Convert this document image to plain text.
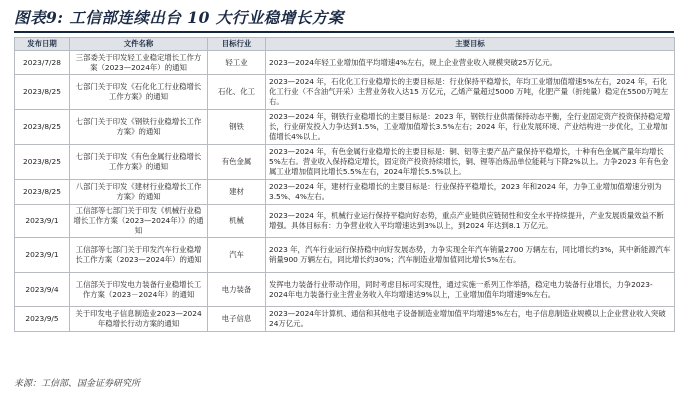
图表9: 工信部连续出台 10 大行业稳增长方案
发布日期	文件名称	目标行业	主要目标
2023/7/28	三部委关于印发轻工业稳定增长工作方案（2023—2024年）的通知	轻工业	2023—2024年轻工业增加值平均增速4%左右，规上企业营业收入规模突破25万亿元。
2023/8/25	七部门关于印发《石化化工行业稳增长工作方案》的通知	石化、化工	2023—2024 年，石化化工行业稳增长的主要目标是：行业保持平稳增长，年均工业增加值增速5%左右，2024 年，石化化工行业（不含油气开采）主营业务收入达15 万亿元，乙烯产量超过5000 万吨，化肥产量（折纯量）稳定在5500万吨左右。
2023/8/25	七部门关于印发《钢铁行业稳增长工作方案》的通知	钢铁	2023—2024 年，钢铁行业稳增长的主要目标是：2023 年，钢铁行业供需保持动态平衡，全行业固定资产投资保持稳定增长，行业研发投入力争达到1.5%，工业增加值增长3.5%左右；2024 年，行业发展环境、产业结构进一步优化，工业增加值增长4%以上。
2023/8/25	七部门关于印发《有色金属行业稳增长工作方案》的通知	有色金属	2023—2024 年，有色金属行业稳增长的主要目标是：铜、铝等主要产品产量保持平稳增长，十种有色金属产量年均增长5%左右。营业收入保持稳定增长，固定资产投资持续增长，铜、锂等冶炼品单位能耗与下降2%以上。力争2023 年有色金属工业增加值同比增长5.5%左右，2024年增长5.5%以上。
2023/8/25	八部门关于印发《建材行业稳增长工作方案》的通知	建材	2023—2024 年，建材行业稳增长的主要目标是：行业保持平稳增长，2023 年和2024 年，力争工业增加值增速分别为3.5%、4%左右。
2023/9/1	工信部等七部门关于印发《机械行业稳增长工作方案（2023—2024年）》的通知	机械	2023—2024 年，机械行业运行保持平稳向好态势，重点产业链供应链韧性和安全水平持续提升，产业发展质量效益不断增强。具体目标有：力争营业收入平均增速达到3%以上，到2024 年达到8.1 万亿元。
2023/9/1	工信部等七部门关于印发汽车行业稳增长工作方案（2023—2024年）的通知	汽车	2023 年，汽车行业运行保持稳中向好发展态势，力争实现全年汽车销量2700 万辆左右，同比增长约3%，其中新能源汽车销量900 万辆左右，同比增长约30%；汽车制造业增加值同比增长5%左右。
2023/9/4	工信部关于印发电力装备行业稳增长工作方案（2023－2024年）的通知	电力装备	发挥电力装备行业带动作用，同时考虑目标可实现性，通过实施一系列工作举措，稳定电力装备行业增长，力争2023-2024年电力装备行业主营业务收入年均增速达9%以上，工业增加值年均增速9%左右。
2023/9/5	关于印发电子信息制造业2023—2024年稳增长行动方案的通知	电子信息	2023—2024年计算机、通信和其他电子设备制造业增加值平均增速5%左右，电子信息制造业规模以上企业营业收入突破24万亿元。
来源：工信部、国金证券研究所
